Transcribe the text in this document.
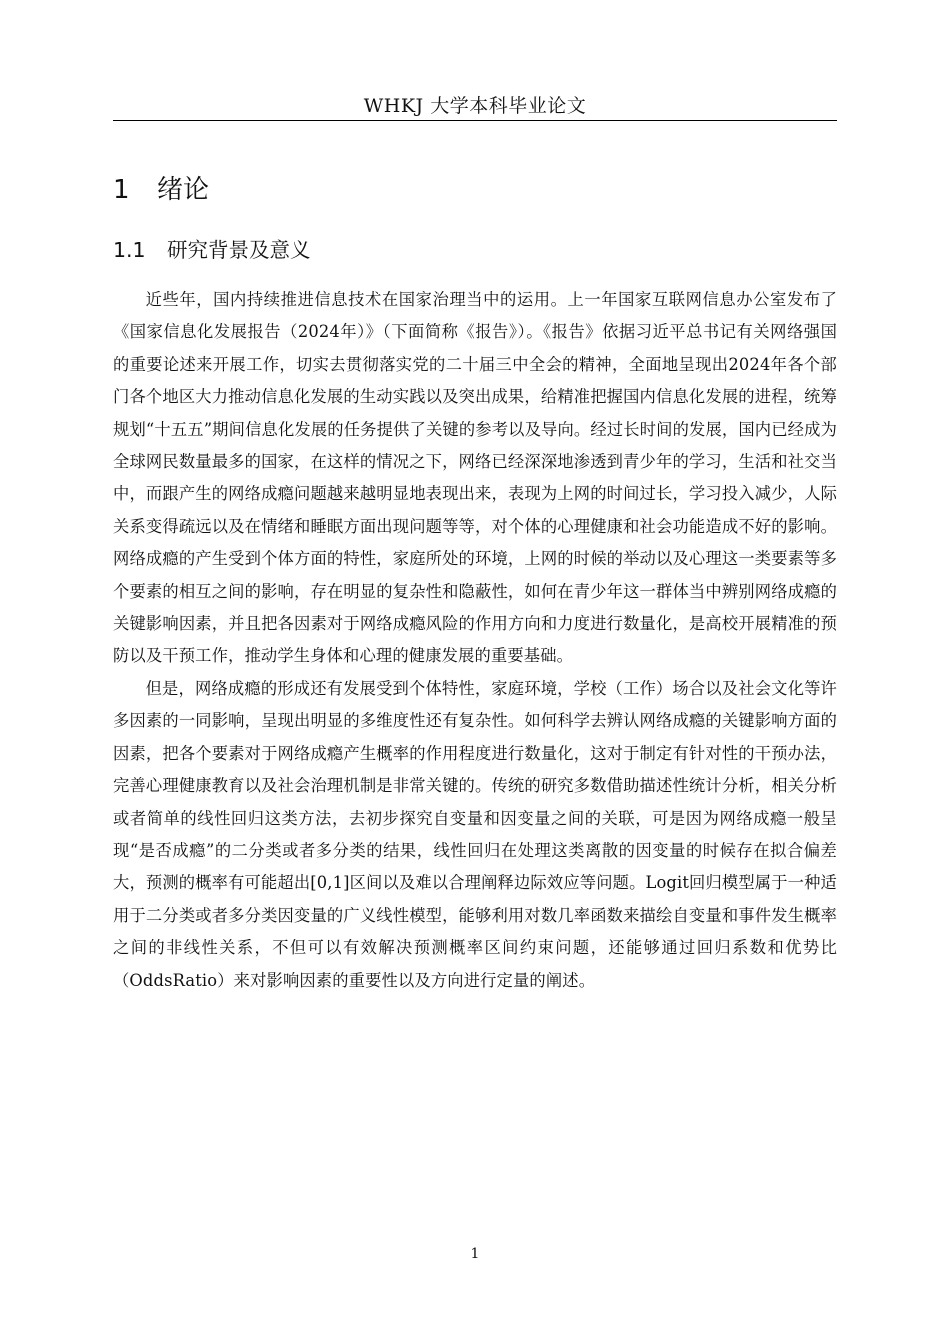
WHKJ 大学本科毕业论文
1 绪论
1.1 研究背景及意义

近些年，国内持续推进信息技术在国家治理当中的运用。上一年国家互联网信息办公室发布了《国家信息化发展报告（2024年）》（下面简称《报告》）。《报告》依据习近平总书记有关网络强国的重要论述来开展工作，切实去贯彻落实党的二十届三中全会的精神，全面地呈现出2024年各个部门各个地区大力推动信息化发展的生动实践以及突出成果，给精准把握国内信息化发展的进程，统筹规划“十五五”期间信息化发展的任务提供了关键的参考以及导向。经过长时间的发展，国内已经成为全球网民数量最多的国家，在这样的情况之下，网络已经深深地渗透到青少年的学习，生活和社交当中，而跟产生的网络成瘾问题越来越明显地表现出来，表现为上网的时间过长，学习投入减少，人际关系变得疏远以及在情绪和睡眠方面出现问题等等，对个体的心理健康和社会功能造成不好的影响。网络成瘾的产生受到个体方面的特性，家庭所处的环境，上网的时候的举动以及心理这一类要素等多个要素的相互之间的影响，存在明显的复杂性和隐蔽性，如何在青少年这一群体当中辨别网络成瘾的关键影响因素，并且把各因素对于网络成瘾风险的作用方向和力度进行数量化，是高校开展精准的预防以及干预工作，推动学生身体和心理的健康发展的重要基础。

但是，网络成瘾的形成还有发展受到个体特性，家庭环境，学校（工作）场合以及社会文化等许多因素的一同影响，呈现出明显的多维度性还有复杂性。如何科学去辨认网络成瘾的关键影响方面的因素，把各个要素对于网络成瘾产生概率的作用程度进行数量化，这对于制定有针对性的干预办法，完善心理健康教育以及社会治理机制是非常关键的。传统的研究多数借助描述性统计分析，相关分析或者简单的线性回归这类方法，去初步探究自变量和因变量之间的关联，可是因为网络成瘾一般呈现“是否成瘾”的二分类或者多分类的结果，线性回归在处理这类离散的因变量的时候存在拟合偏差大，预测的概率有可能超出[0,1]区间以及难以合理阐释边际效应等问题。Logit回归模型属于一种适用于二分类或者多分类因变量的广义线性模型，能够利用对数几率函数来描绘自变量和事件发生概率之间的非线性关系，不但可以有效解决预测概率区间约束问题，还能够通过回归系数和优势比（OddsRatio）来对影响因素的重要性以及方向进行定量的阐述。

1
